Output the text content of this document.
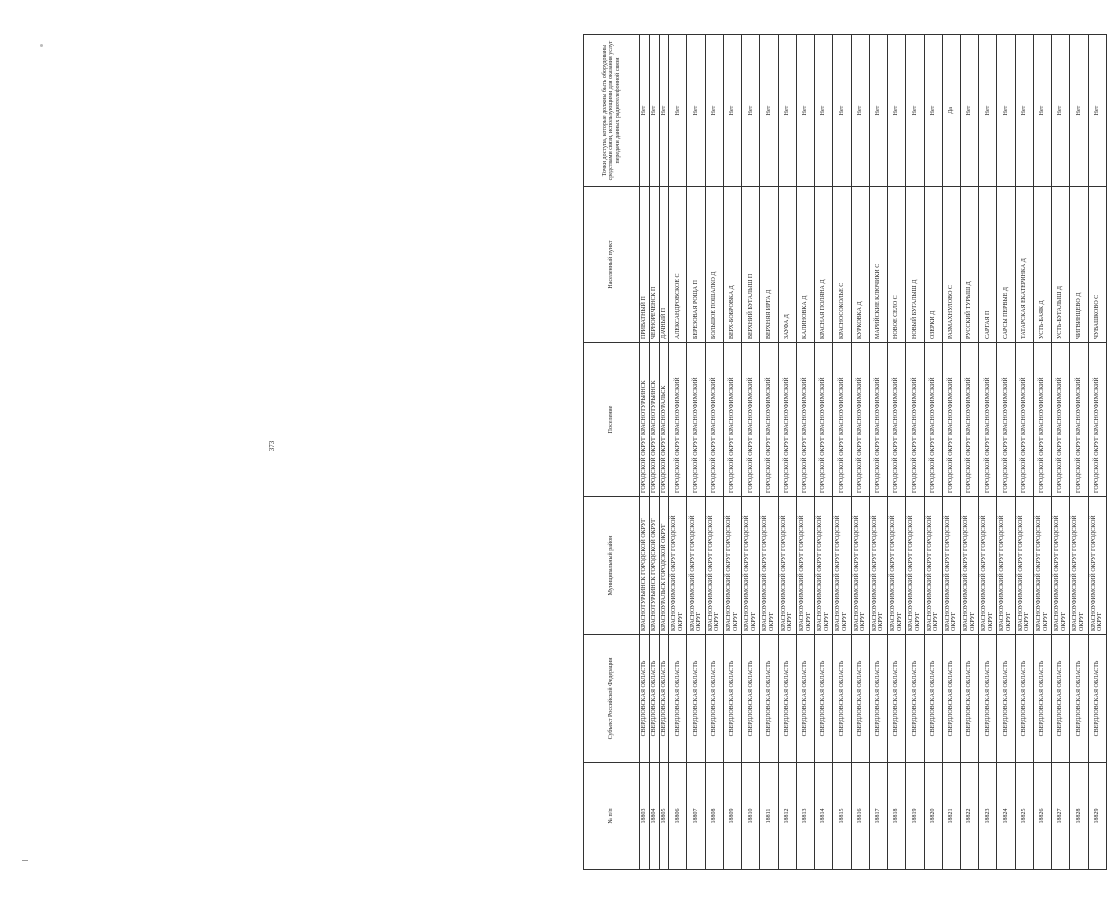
373
№ п/п	Субъект Российской Федерации	Муниципальный район	Поселение	Населенный пункт	Точки доступа, которые должны быть оборудованы средствами связи, использующими для оказания услуг передачи данных радиотелефонной связи
18803	СВЕРДЛОВСКАЯ ОБЛАСТЬ	КРАСНОТУРЬИНСК ГОРОДСКОЙ ОКРУГ	ГОРОДСКОЙ ОКРУГ КРАСНОТУРЬИНСК	ПРИВАТНЫЙ П	Нет
18804	СВЕРДЛОВСКАЯ ОБЛАСТЬ	КРАСНОТУРЬИНСК ГОРОДСКОЙ ОКРУГ	ГОРОДСКОЙ ОКРУГ КРАСНОТУРЬИНСК	ЧЕРНОРЕЧЕНСК П	Нет
18805	СВЕРДЛОВСКАЯ ОБЛАСТЬ	КРАСНОУРАЛЬСК ГОРОДСКОЙ ОКРУГ	ГОРОДСКОЙ ОКРУГ КРАСНОУРАЛЬСК	ДАЧНЫЙ П	Нет
18806	СВЕРДЛОВСКАЯ ОБЛАСТЬ	КРАСНОУФИМСКИЙ ОКРУГ ГОРОДСКОЙ ОКРУГ	ГОРОДСКОЙ ОКРУГ КРАСНОУФИМСКИЙ	АЛЕКСАНДРОВСКОЕ С	Нет
18807	СВЕРДЛОВСКАЯ ОБЛАСТЬ	КРАСНОУФИМСКИЙ ОКРУГ ГОРОДСКОЙ ОКРУГ	ГОРОДСКОЙ ОКРУГ КРАСНОУФИМСКИЙ	БЕРЕЗОВАЯ РОЩА П	Нет
18808	СВЕРДЛОВСКАЯ ОБЛАСТЬ	КРАСНОУФИМСКИЙ ОКРУГ ГОРОДСКОЙ ОКРУГ	ГОРОДСКОЙ ОКРУГ КРАСНОУФИМСКИЙ	БОЛЬШОЕ ПОШАЛКО Д	Нет
18809	СВЕРДЛОВСКАЯ ОБЛАСТЬ	КРАСНОУФИМСКИЙ ОКРУГ ГОРОДСКОЙ ОКРУГ	ГОРОДСКОЙ ОКРУГ КРАСНОУФИМСКИЙ	ВЕРХ-БОБРОВКА Д	Нет
18810	СВЕРДЛОВСКАЯ ОБЛАСТЬ	КРАСНОУФИМСКИЙ ОКРУГ ГОРОДСКОЙ ОКРУГ	ГОРОДСКОЙ ОКРУГ КРАСНОУФИМСКИЙ	ВЕРХНИЙ БУГАЛЫШ П	Нет
18811	СВЕРДЛОВСКАЯ ОБЛАСТЬ	КРАСНОУФИМСКИЙ ОКРУГ ГОРОДСКОЙ ОКРУГ	ГОРОДСКОЙ ОКРУГ КРАСНОУФИМСКИЙ	ВЕРХНЯЯ ИРГА Д	Нет
18812	СВЕРДЛОВСКАЯ ОБЛАСТЬ	КРАСНОУФИМСКИЙ ОКРУГ ГОРОДСКОЙ ОКРУГ	ГОРОДСКОЙ ОКРУГ КРАСНОУФИМСКИЙ	ЗАУФА Д	Нет
18813	СВЕРДЛОВСКАЯ ОБЛАСТЬ	КРАСНОУФИМСКИЙ ОКРУГ ГОРОДСКОЙ ОКРУГ	ГОРОДСКОЙ ОКРУГ КРАСНОУФИМСКИЙ	КАЛИНОВКА Д	Нет
18814	СВЕРДЛОВСКАЯ ОБЛАСТЬ	КРАСНОУФИМСКИЙ ОКРУГ ГОРОДСКОЙ ОКРУГ	ГОРОДСКОЙ ОКРУГ КРАСНОУФИМСКИЙ	КРАСНАЯ ПОЛЯНА Д	Нет
18815	СВЕРДЛОВСКАЯ ОБЛАСТЬ	КРАСНОУФИМСКИЙ ОКРУГ ГОРОДСКОЙ ОКРУГ	ГОРОДСКОЙ ОКРУГ КРАСНОУФИМСКИЙ	КРАСНОСОКОЛЬЕ С	Нет
18816	СВЕРДЛОВСКАЯ ОБЛАСТЬ	КРАСНОУФИМСКИЙ ОКРУГ ГОРОДСКОЙ ОКРУГ	ГОРОДСКОЙ ОКРУГ КРАСНОУФИМСКИЙ	КУРКОВКА Д	Нет
18817	СВЕРДЛОВСКАЯ ОБЛАСТЬ	КРАСНОУФИМСКИЙ ОКРУГ ГОРОДСКОЙ ОКРУГ	ГОРОДСКОЙ ОКРУГ КРАСНОУФИМСКИЙ	МАРИЙСКИЕ КЛЮЧИКИ С	Нет
18818	СВЕРДЛОВСКАЯ ОБЛАСТЬ	КРАСНОУФИМСКИЙ ОКРУГ ГОРОДСКОЙ ОКРУГ	ГОРОДСКОЙ ОКРУГ КРАСНОУФИМСКИЙ	НОВОЕ СЕЛО С	Нет
18819	СВЕРДЛОВСКАЯ ОБЛАСТЬ	КРАСНОУФИМСКИЙ ОКРУГ ГОРОДСКОЙ ОКРУГ	ГОРОДСКОЙ ОКРУГ КРАСНОУФИМСКИЙ	НОВЫЙ БУГАЛЫШ Д	Нет
18820	СВЕРДЛОВСКАЯ ОБЛАСТЬ	КРАСНОУФИМСКИЙ ОКРУГ ГОРОДСКОЙ ОКРУГ	ГОРОДСКОЙ ОКРУГ КРАСНОУФИМСКИЙ	ОЗЕРКИ Д	Нет
18821	СВЕРДЛОВСКАЯ ОБЛАСТЬ	КРАСНОУФИМСКИЙ ОКРУГ ГОРОДСКОЙ ОКРУГ	ГОРОДСКОЙ ОКРУГ КРАСНОУФИМСКИЙ	РАЗМАХНУЛОВО С	Да
18822	СВЕРДЛОВСКАЯ ОБЛАСТЬ	КРАСНОУФИМСКИЙ ОКРУГ ГОРОДСКОЙ ОКРУГ	ГОРОДСКОЙ ОКРУГ КРАСНОУФИМСКИЙ	РУССКИЙ ТУРЫШ Д	Нет
18823	СВЕРДЛОВСКАЯ ОБЛАСТЬ	КРАСНОУФИМСКИЙ ОКРУГ ГОРОДСКОЙ ОКРУГ	ГОРОДСКОЙ ОКРУГ КРАСНОУФИМСКИЙ	САРГАЯ П	Нет
18824	СВЕРДЛОВСКАЯ ОБЛАСТЬ	КРАСНОУФИМСКИЙ ОКРУГ ГОРОДСКОЙ ОКРУГ	ГОРОДСКОЙ ОКРУГ КРАСНОУФИМСКИЙ	САРСЫ ПЕРВЫЕ Д	Нет
18825	СВЕРДЛОВСКАЯ ОБЛАСТЬ	КРАСНОУФИМСКИЙ ОКРУГ ГОРОДСКОЙ ОКРУГ	ГОРОДСКОЙ ОКРУГ КРАСНОУФИМСКИЙ	ТАТАРСКАЯ ЕКАТЕРИНКА Д	Нет
18826	СВЕРДЛОВСКАЯ ОБЛАСТЬ	КРАСНОУФИМСКИЙ ОКРУГ ГОРОДСКОЙ ОКРУГ	ГОРОДСКОЙ ОКРУГ КРАСНОУФИМСКИЙ	УСТЬ-БАЯК Д	Нет
18827	СВЕРДЛОВСКАЯ ОБЛАСТЬ	КРАСНОУФИМСКИЙ ОКРУГ ГОРОДСКОЙ ОКРУГ	ГОРОДСКОЙ ОКРУГ КРАСНОУФИМСКИЙ	УСТЬ-БУГАЛЫШ Д	Нет
18828	СВЕРДЛОВСКАЯ ОБЛАСТЬ	КРАСНОУФИМСКИЙ ОКРУГ ГОРОДСКОЙ ОКРУГ	ГОРОДСКОЙ ОКРУГ КРАСНОУФИМСКИЙ	ЧИГВИНЦЕВО Д	Нет
18829	СВЕРДЛОВСКАЯ ОБЛАСТЬ	КРАСНОУФИМСКИЙ ОКРУГ ГОРОДСКОЙ ОКРУГ	ГОРОДСКОЙ ОКРУГ КРАСНОУФИМСКИЙ	ЧУВАШКОВО С	Нет
